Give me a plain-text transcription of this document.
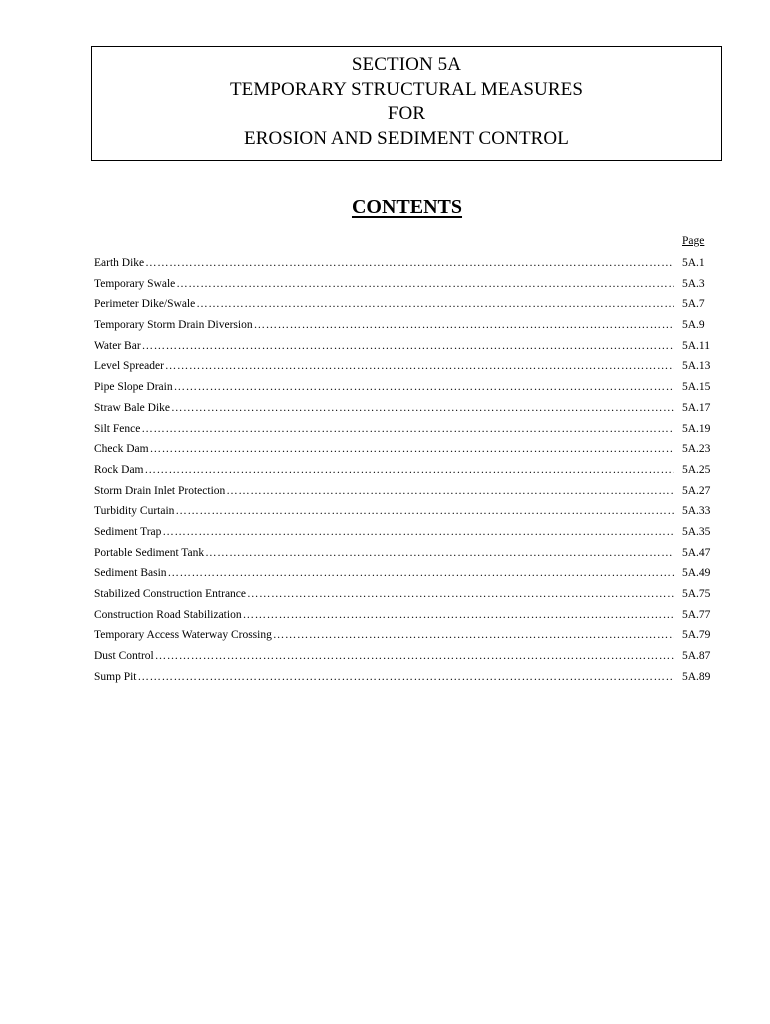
SECTION 5A
TEMPORARY STRUCTURAL MEASURES
FOR
EROSION AND SEDIMENT CONTROL
CONTENTS
Page
Earth Dike …………………………………………………………………………………………………………………………………………………………………………………………	5A.1
Temporary Swale …………………………………………………………………………………………………………………………………………………………………………………………	5A.3
Perimeter Dike/Swale …………………………………………………………………………………………………………………………………………………………………………………………	5A.7
Temporary Storm Drain Diversion …………………………………………………………………………………………………………………………………………………………………………………………	5A.9
Water Bar …………………………………………………………………………………………………………………………………………………………………………………………	5A.11
Level Spreader …………………………………………………………………………………………………………………………………………………………………………………………	5A.13
Pipe Slope Drain …………………………………………………………………………………………………………………………………………………………………………………………	5A.15
Straw Bale Dike …………………………………………………………………………………………………………………………………………………………………………………………	5A.17
Silt Fence …………………………………………………………………………………………………………………………………………………………………………………………	5A.19
Check Dam …………………………………………………………………………………………………………………………………………………………………………………………	5A.23
Rock Dam …………………………………………………………………………………………………………………………………………………………………………………………	5A.25
Storm Drain Inlet Protection …………………………………………………………………………………………………………………………………………………………………………………………	5A.27
Turbidity Curtain …………………………………………………………………………………………………………………………………………………………………………………………	5A.33
Sediment Trap …………………………………………………………………………………………………………………………………………………………………………………………	5A.35
Portable Sediment Tank …………………………………………………………………………………………………………………………………………………………………………………………	5A.47
Sediment Basin …………………………………………………………………………………………………………………………………………………………………………………………	5A.49
Stabilized Construction Entrance …………………………………………………………………………………………………………………………………………………………………………………………	5A.75
Construction Road Stabilization …………………………………………………………………………………………………………………………………………………………………………………………	5A.77
Temporary Access Waterway Crossing …………………………………………………………………………………………………………………………………………………………………………………………	5A.79
Dust Control …………………………………………………………………………………………………………………………………………………………………………………………	5A.87
Sump Pit …………………………………………………………………………………………………………………………………………………………………………………………	5A.89
